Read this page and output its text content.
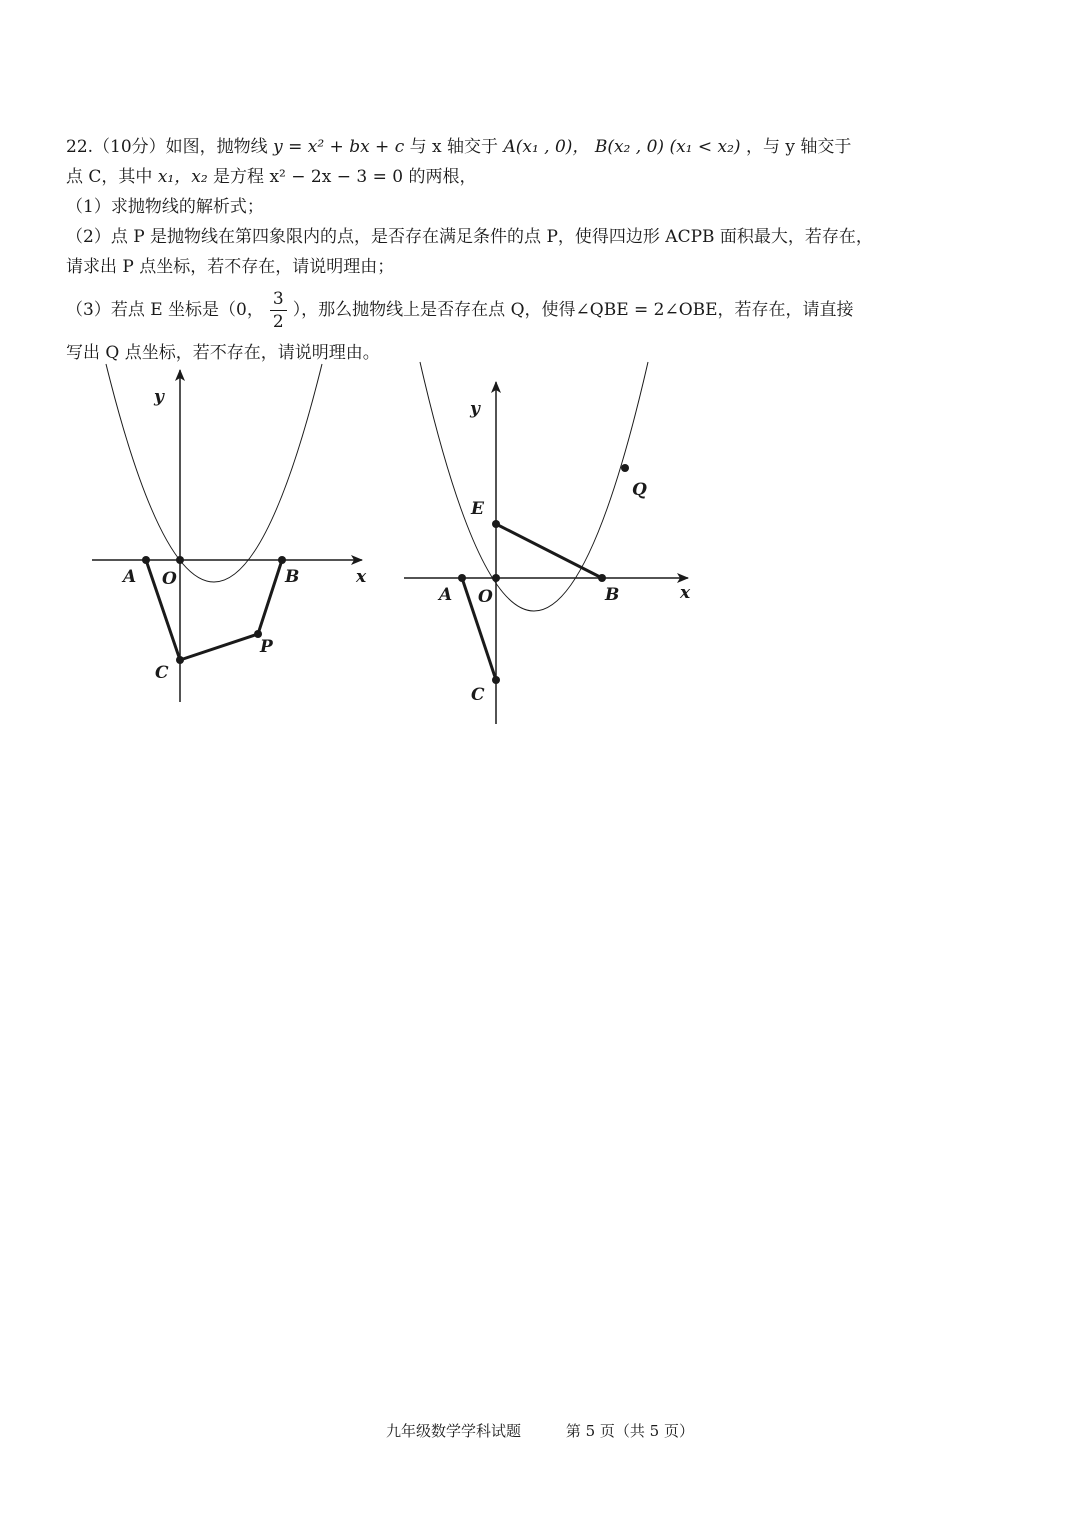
22.（10分）如图，抛物线 y = x² + bx + c 与 x 轴交于 A(x₁ , 0)， B(x₂ , 0) (x₁ < x₂) ，与 y 轴交于
点 C，其中 x₁，x₂ 是方程 x² − 2x − 3 = 0 的两根，
（1）求抛物线的解析式；
（2）点 P 是抛物线在第四象限内的点，是否存在满足条件的点 P，使得四边形 ACPB 面积最大，若存在，
请求出 P 点坐标，若不存在，请说明理由；
（3）若点 E 坐标是（0， $\frac{3}{2}$ ），那么抛物线上是否存在点 Q，使得∠QBE = 2∠OBE，若存在，请直接
写出 Q 点坐标，若不存在，请说明理由。
y
x
A O	B
C
P
y
x
A O	B
C
E
Q
九年级数学学科试题	第 5 页（共 5 页）
